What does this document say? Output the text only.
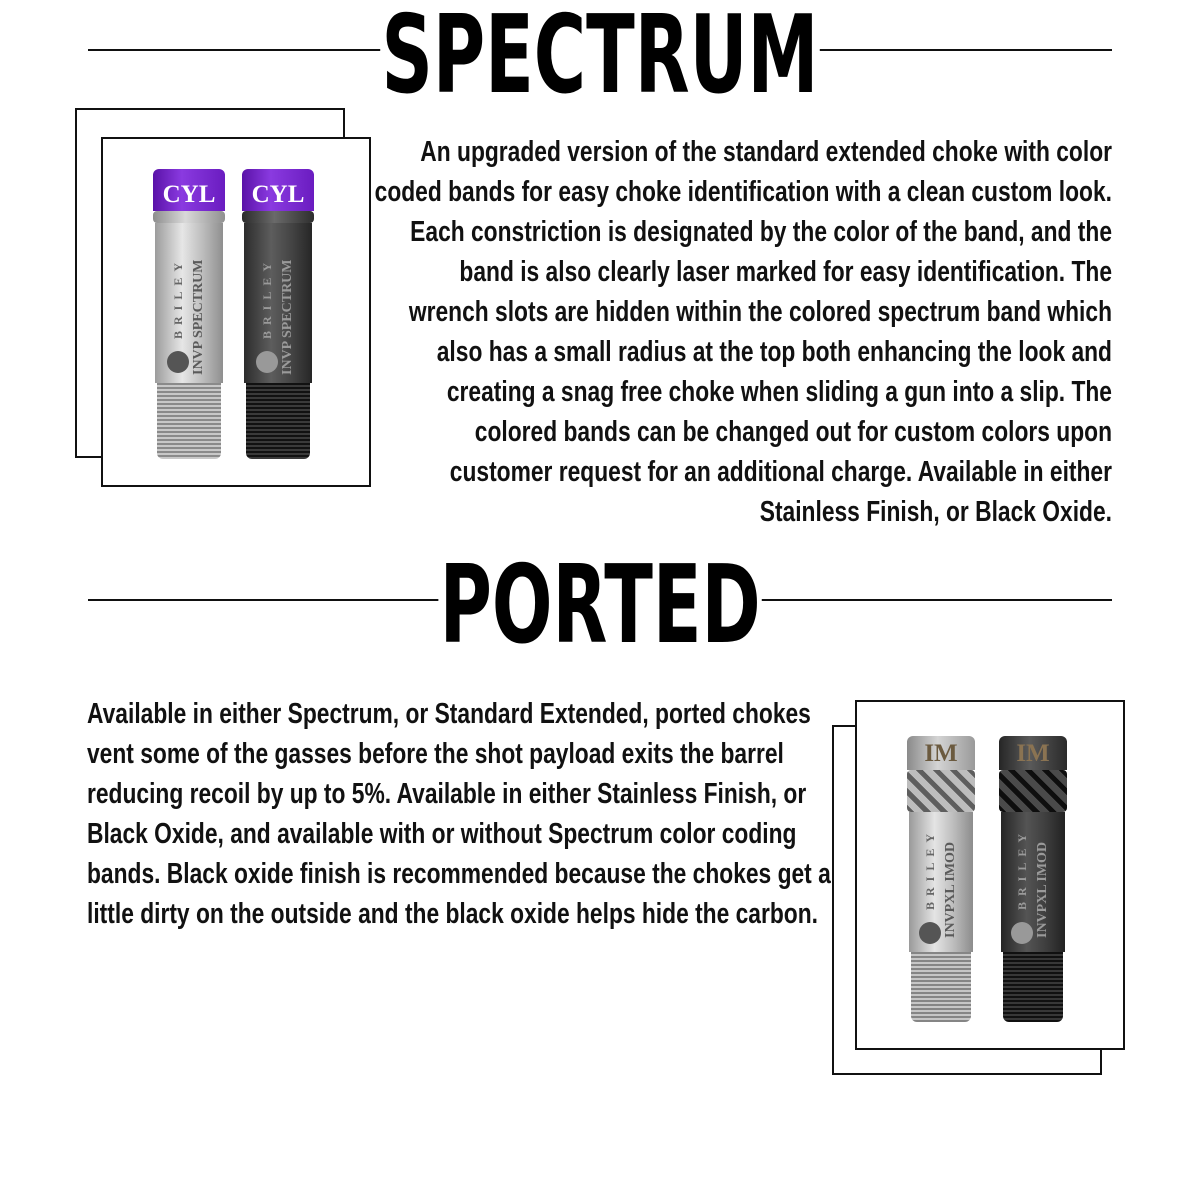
SPECTRUM
CYL
BRILEY INVP SPECTRUM
CYL
BRILEY INVP SPECTRUM

An upgraded version of the standard extended choke with color coded bands for easy choke identification with a clean custom look. Each constriction is designated by the color of the band, and the band is also clearly laser marked for easy identification. The wrench slots are hidden within the colored spectrum band which also has a small radius at the top both enhancing the look and creating a snag free choke when sliding a gun into a slip. The colored bands can be changed out for custom colors upon customer request for an additional charge. Available in either Stainless Finish, or Black Oxide.

PORTED

Available in either Spectrum, or Standard Extended, ported chokes vent some of the gasses before the shot payload exits the barrel reducing recoil by up to 5%. Available in either Stainless Finish, or Black Oxide, and available with or without Spectrum color coding bands. Black oxide finish is recommended because the chokes get a little dirty on the outside and the black oxide helps hide the carbon.

IM
BRILEY INVPXL IMOD
IM
BRILEY INVPXL IMOD
